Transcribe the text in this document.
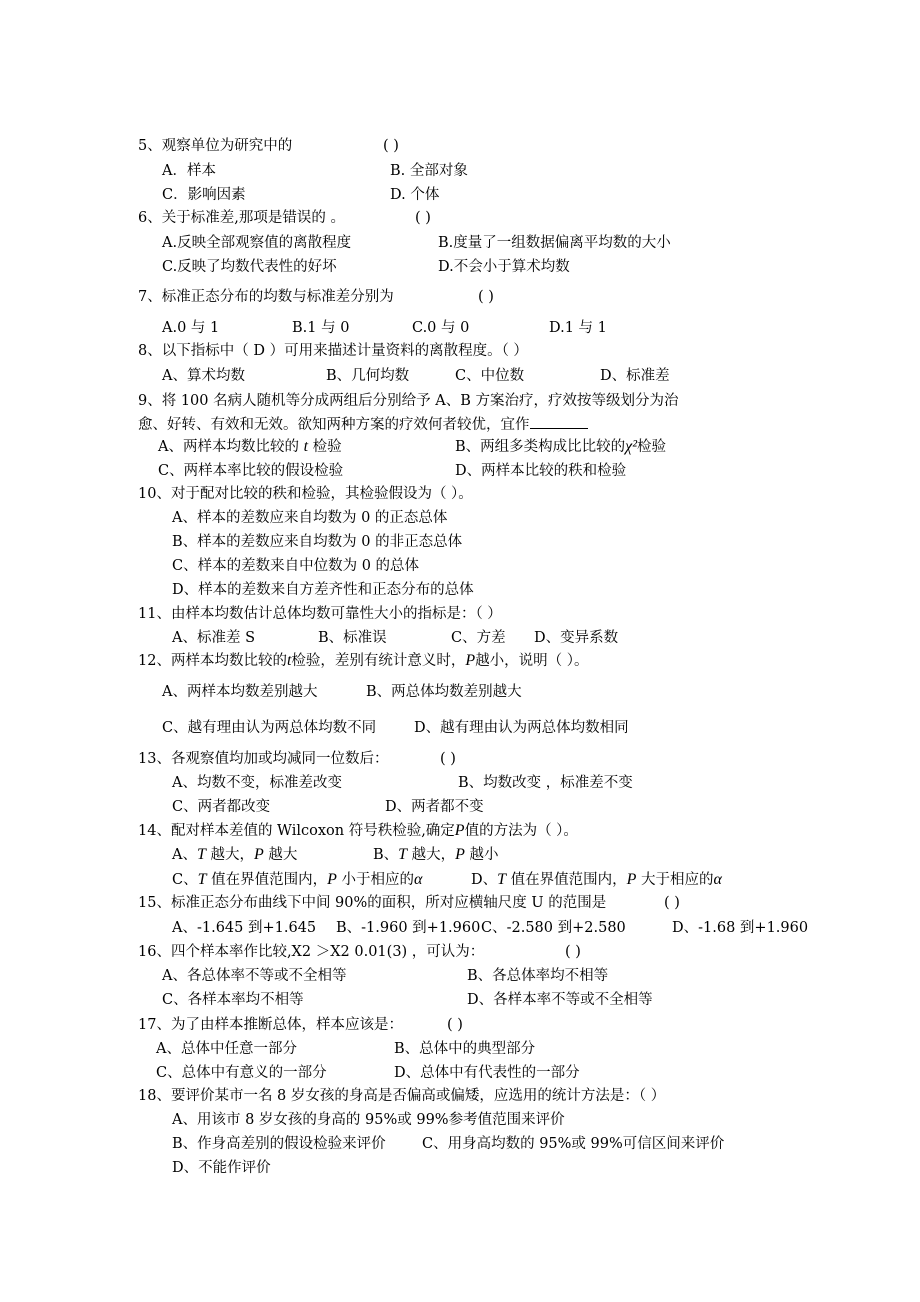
5、观察单位为研究中的	( )
A．样本	B. 全部对象
C．影响因素	D. 个体
6、关于标准差,那项是错误的 。	( )
A.反映全部观察值的离散程度	B.度量了一组数据偏离平均数的大小
C.反映了均数代表性的好坏	D.不会小于算术均数
7、标准正态分布的均数与标准差分别为	( )
A.0 与 1	B.1 与 0	C.0 与 0	D.1 与 1
8、以下指标中（ D ）可用来描述计量资料的离散程度。（ ）
A、算术均数	B、几何均数	C、中位数	D、标准差
9、将 100 名病人随机等分成两组后分别给予 A、B 方案治疗，疗效按等级划分为治
愈、好转、有效和无效。欲知两种方案的疗效何者较优，宜作
A、两样本均数比较的 t 检验	B、两组多类构成比比较的χ²检验
C、两样本率比较的假设检验	D、两样本比较的秩和检验
10、对于配对比较的秩和检验，其检验假设为（ ）。
A、样本的差数应来自均数为 0 的正态总体
B、样本的差数应来自均数为 0 的非正态总体
C、样本的差数来自中位数为 0 的总体
D、样本的差数来自方差齐性和正态分布的总体
11、由样本均数估计总体均数可靠性大小的指标是：（ ）
A、标准差 S	B、标准误	C、方差 D、变异系数
12、两样本均数比较的t检验，差别有统计意义时，P越小，说明（ ）。
A、两样本均数差别越大	B、两总体均数差别越大
C、越有理由认为两总体均数不同	D、越有理由认为两总体均数相同
13、各观察值均加或均减同一位数后：	( )
A、均数不变，标准差改变	B、均数改变 ，标准差不变
C、两者都改变	D、两者都不变
14、配对样本差值的 Wilcoxon 符号秩检验,确定P值的方法为（ ）。
A、T 越大，P 越大	B、T 越大，P 越小
C、T 值在界值范围内，P 小于相应的α	D、T 值在界值范围内，P 大于相应的α
15、标准正态分布曲线下中间 90%的面积，所对应横轴尺度 U 的范围是	( )
A、-1.645 到+1.645 B、-1.960 到+1.960 C、-2.580 到+2.580	D、-1.68 到+1.960
16、四个样本率作比较,X2 ＞X2 0.01(3) ，可认为：	( )
A、各总体率不等或不全相等	B、各总体率均不相等
C、各样本率均不相等	D、各样本率不等或不全相等
17、为了由样本推断总体，样本应该是：	( )
A、总体中任意一部分	B、总体中的典型部分
C、总体中有意义的一部分	D、总体中有代表性的一部分
18、要评价某市一名 8 岁女孩的身高是否偏高或偏矮，应选用的统计方法是：（ ）
A、用该市 8 岁女孩的身高的 95%或 99%参考值范围来评价
B、作身高差别的假设检验来评价	C、用身高均数的 95%或 99%可信区间来评价
D、不能作评价
